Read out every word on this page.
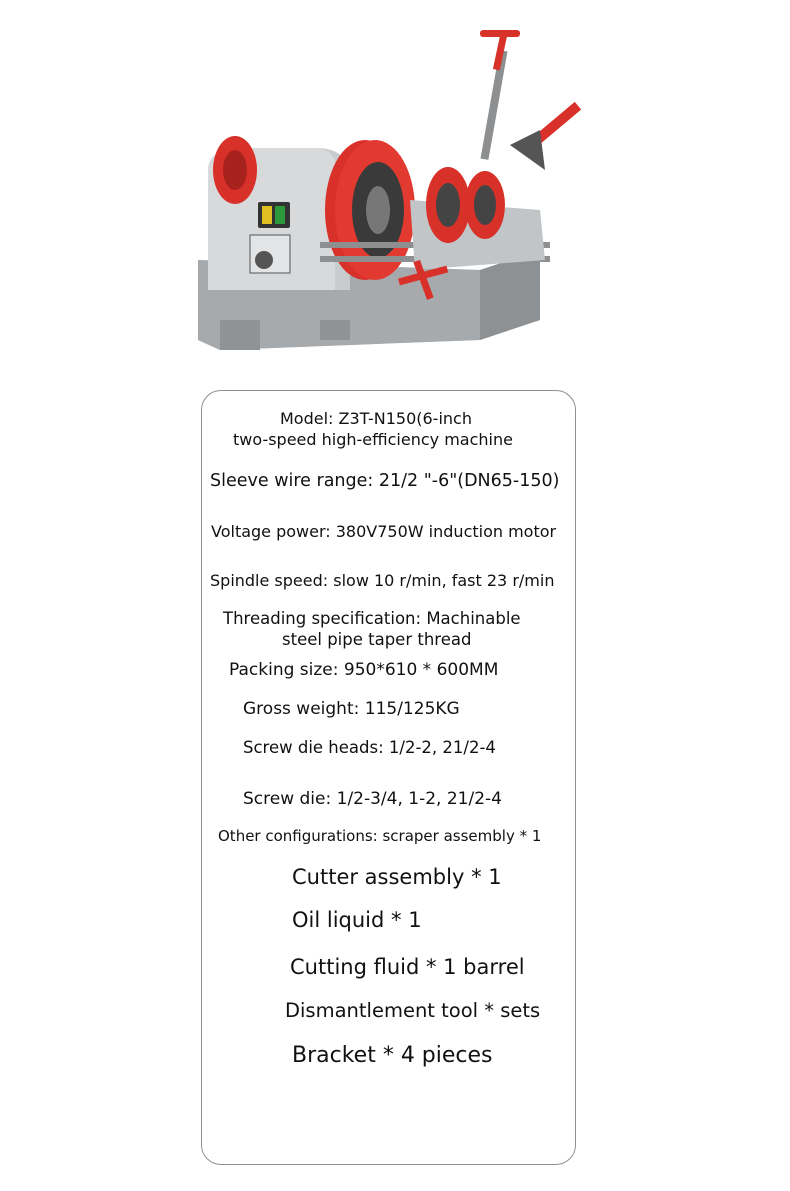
Model: Z3T-N150(6-inch
two-speed high-efficiency machine
Sleeve wire range: 21/2 "-6"(DN65-150)
Voltage power: 380V750W induction motor
Spindle speed: slow 10 r/min, fast 23 r/min
Threading specification: Machinable
steel pipe taper thread
Packing size: 950*610 * 600MM
Gross weight: 115/125KG
Screw die heads: 1/2-2, 21/2-4
Screw die: 1/2-3/4, 1-2, 21/2-4
Other configurations: scraper assembly * 1
Cutter assembly * 1
Oil liquid * 1
Cutting fluid * 1 barrel
Dismantlement tool * sets
Bracket * 4 pieces
